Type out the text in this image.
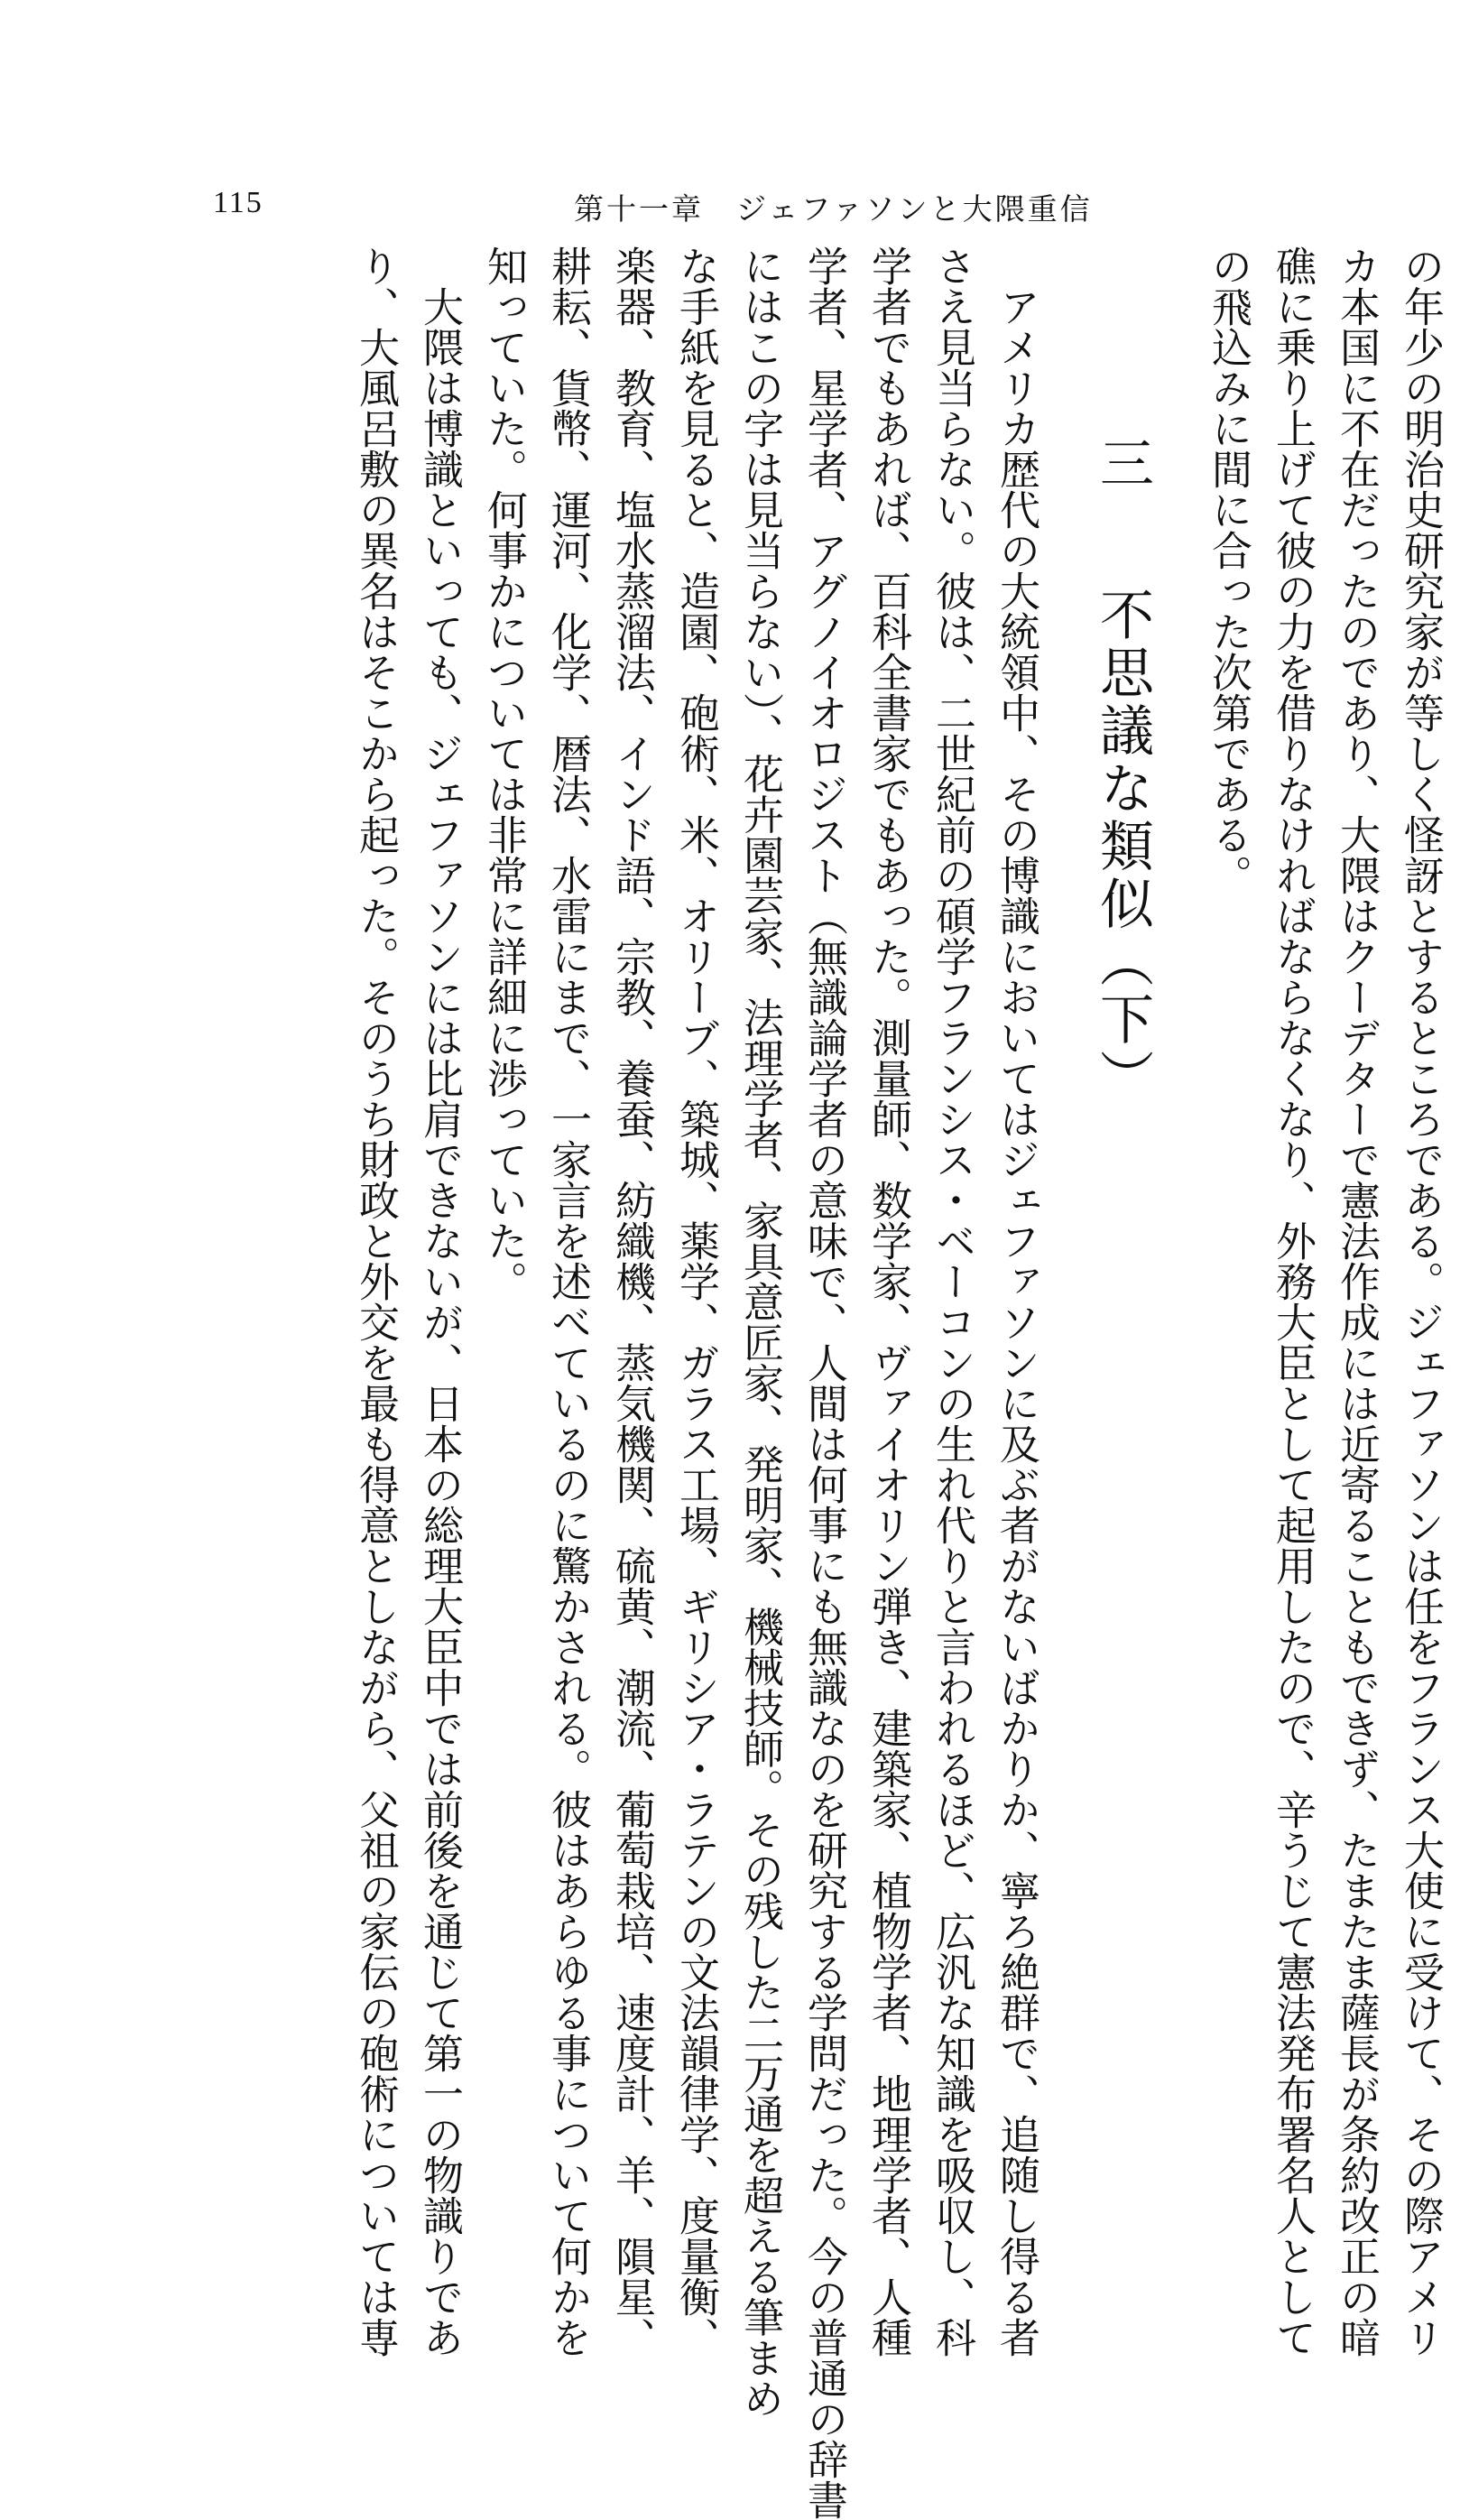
115	第十一章　ジェファソンと大隈重信

の年少の明治史研究家が等しく怪訝とするところである。ジェファソンは任をフランス大使に受けて、その際アメリ

カ本国に不在だったのであり、大隈はクーデターで憲法作成には近寄ることもできず、たまたま薩長が条約改正の暗

礁に乗り上げて彼の力を借りなければならなくなり、外務大臣として起用したので、辛うじて憲法発布署名人として

の飛込みに間に合った次第である。

三　不思議な類似（下）

アメリカ歴代の大統領中、その博識においてはジェファソンに及ぶ者がないばかりか、寧ろ絶群で、追随し得る者

さえ見当らない。彼は、二世紀前の碩学フランシス・ベーコンの生れ代りと言われるほど、広汎な知識を吸収し、科

学者でもあれば、百科全書家でもあった。測量師、数学家、ヴァイオリン弾き、建築家、植物学者、地理学者、人種

学者、星学者、アグノイオロジスト（無識論学者の意味で、人間は何事にも無識なのを研究する学問だった。今の普通の辞書

にはこの字は見当らない）、花卉園芸家、法理学者、家具意匠家、発明家、機械技師。その残した二万通を超える筆まめ

な手紙を見ると、造園、砲術、米、オリーブ、築城、薬学、ガラス工場、ギリシア・ラテンの文法韻律学、度量衡、

楽器、教育、塩水蒸溜法、インド語、宗教、養蚕、紡織機、蒸気機関、硫黄、潮流、葡萄栽培、速度計、羊、隕星、

耕耘、貨幣、運河、化学、暦法、水雷にまで、一家言を述べているのに驚かされる。彼はあらゆる事について何かを

知っていた。何事かについては非常に詳細に渉っていた。

大隈は博識といっても、ジェファソンには比肩できないが、日本の総理大臣中では前後を通じて第一の物識りであ

り、大風呂敷の異名はそこから起った。そのうち財政と外交を最も得意としながら、父祖の家伝の砲術については専
